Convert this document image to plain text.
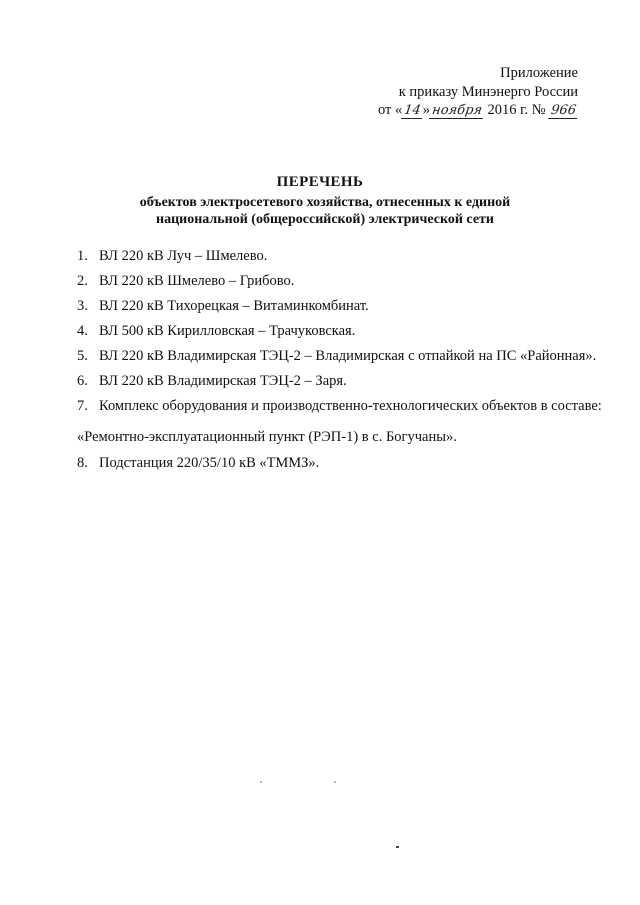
Приложение
к приказу Минэнерго России
от «14»ноября 2016 г. № 966
ПЕРЕЧЕНЬ
объектов электросетевого хозяйства, отнесенных к единой
национальной (общероссийской) электрической сети
1. ВЛ 220 кВ Луч – Шмелево.
2. ВЛ 220 кВ Шмелево – Грибово.
3. ВЛ 220 кВ Тихорецкая – Витаминкомбинат.
4. ВЛ 500 кВ Кирилловская – Трачуковская.
5. ВЛ 220 кВ Владимирская ТЭЦ-2 – Владимирская с отпайкой на ПС «Районная».
6. ВЛ 220 кВ Владимирская ТЭЦ-2 – Заря.
7. Комплекс оборудования и производственно-технологических объектов в составе:
8. Подстанция 220/35/10 кВ «ТММЗ».
«Ремонтно-эксплуатационный пункт (РЭП-1) в с. Богучаны».
